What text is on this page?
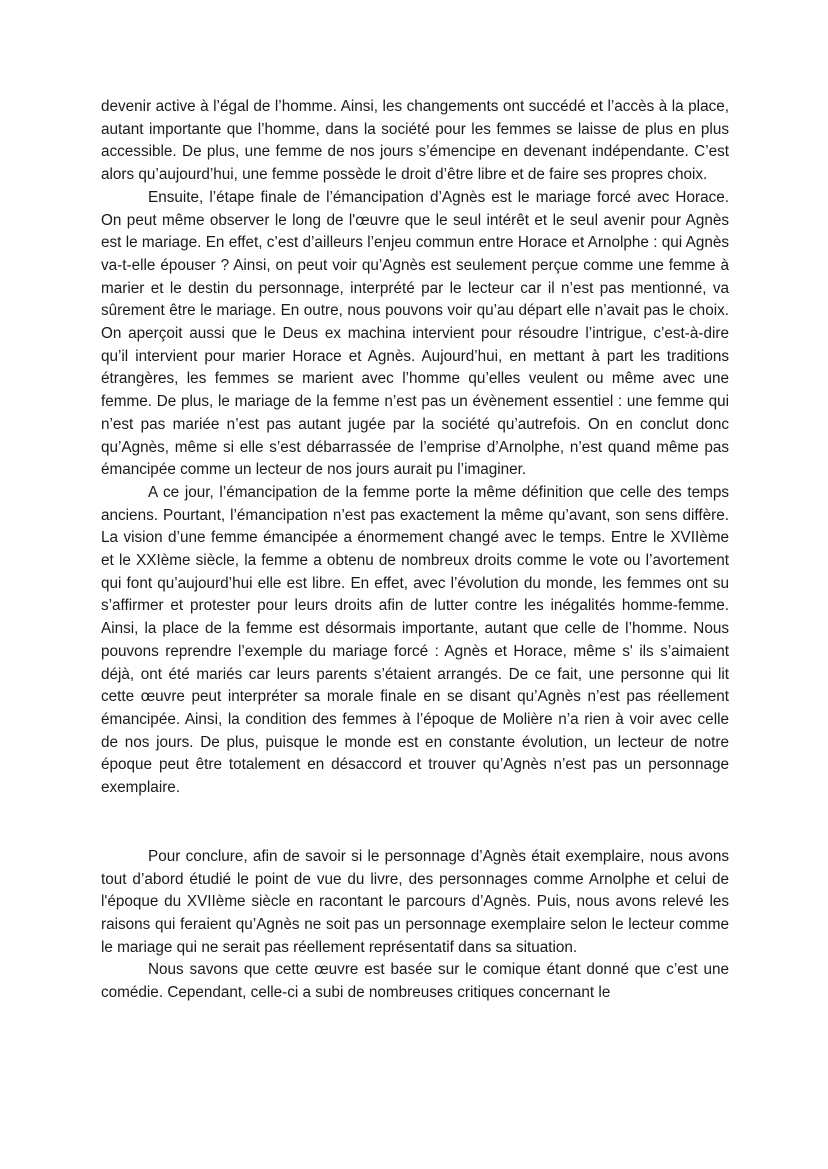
devenir active à l’égal de l’homme. Ainsi, les changements ont succédé et l’accès à la place, autant importante que l’homme, dans la société pour les femmes se laisse de plus en plus accessible. De plus, une femme de nos jours s’émencipe en devenant indépendante. C’est alors qu’aujourd’hui, une femme possède le droit d’être libre et de faire ses propres choix.

Ensuite, l’étape finale de l’émancipation d’Agnès est le mariage forcé avec Horace. On peut même observer le long de l'œuvre que le seul intérêt et le seul avenir pour Agnès est le mariage. En effet, c’est d’ailleurs l’enjeu commun entre Horace et Arnolphe : qui Agnès va-t-elle épouser ? Ainsi, on peut voir qu’Agnès est seulement perçue comme une femme à marier et le destin du personnage, interprété par le lecteur car il n’est pas mentionné, va sûrement être le mariage. En outre, nous pouvons voir qu’au départ elle n’avait pas le choix. On aperçoit aussi que le Deus ex machina intervient pour résoudre l’intrigue, c’est-à-dire qu’il intervient pour marier Horace et Agnès. Aujourd’hui, en mettant à part les traditions étrangères, les femmes se marient avec l’homme qu’elles veulent ou même avec une femme. De plus, le mariage de la femme n’est pas un évènement essentiel : une femme qui n’est pas mariée n’est pas autant jugée par la société qu’autrefois. On en conclut donc qu’Agnès, même si elle s’est débarrassée de l’emprise d’Arnolphe, n’est quand même pas émancipée comme un lecteur de nos jours aurait pu l’imaginer.

A ce jour, l’émancipation de la femme porte la même définition que celle des temps anciens. Pourtant, l’émancipation n’est pas exactement la même qu’avant, son sens diffère. La vision d’une femme émancipée a énormement changé avec le temps. Entre le XVIIème et le XXIème siècle, la femme a obtenu de nombreux droits comme le vote ou l’avortement qui font qu’aujourd’hui elle est libre. En effet, avec l’évolution du monde, les femmes ont su s’affirmer et protester pour leurs droits afin de lutter contre les inégalités homme-femme. Ainsi, la place de la femme est désormais importante, autant que celle de l’homme. Nous pouvons reprendre l’exemple du mariage forcé : Agnès et Horace, même s' ils s’aimaient déjà, ont été mariés car leurs parents s’étaient arrangés. De ce fait, une personne qui lit cette œuvre peut interpréter sa morale finale en se disant qu’Agnès n’est pas réellement émancipée. Ainsi, la condition des femmes à l’époque de Molière n’a rien à voir avec celle de nos jours. De plus, puisque le monde est en constante évolution, un lecteur de notre époque peut être totalement en désaccord et trouver qu’Agnès n’est pas un personnage exemplaire.

Pour conclure, afin de savoir si le personnage d’Agnès était exemplaire, nous avons tout d’abord étudié le point de vue du livre, des personnages comme Arnolphe et celui de l'époque du XVIIème siècle en racontant le parcours d’Agnès. Puis, nous avons relevé les raisons qui feraient qu’Agnès ne soit pas un personnage exemplaire selon le lecteur comme le mariage qui ne serait pas réellement représentatif dans sa situation.

Nous savons que cette œuvre est basée sur le comique étant donné que c’est une comédie. Cependant, celle-ci a subi de nombreuses critiques concernant le
